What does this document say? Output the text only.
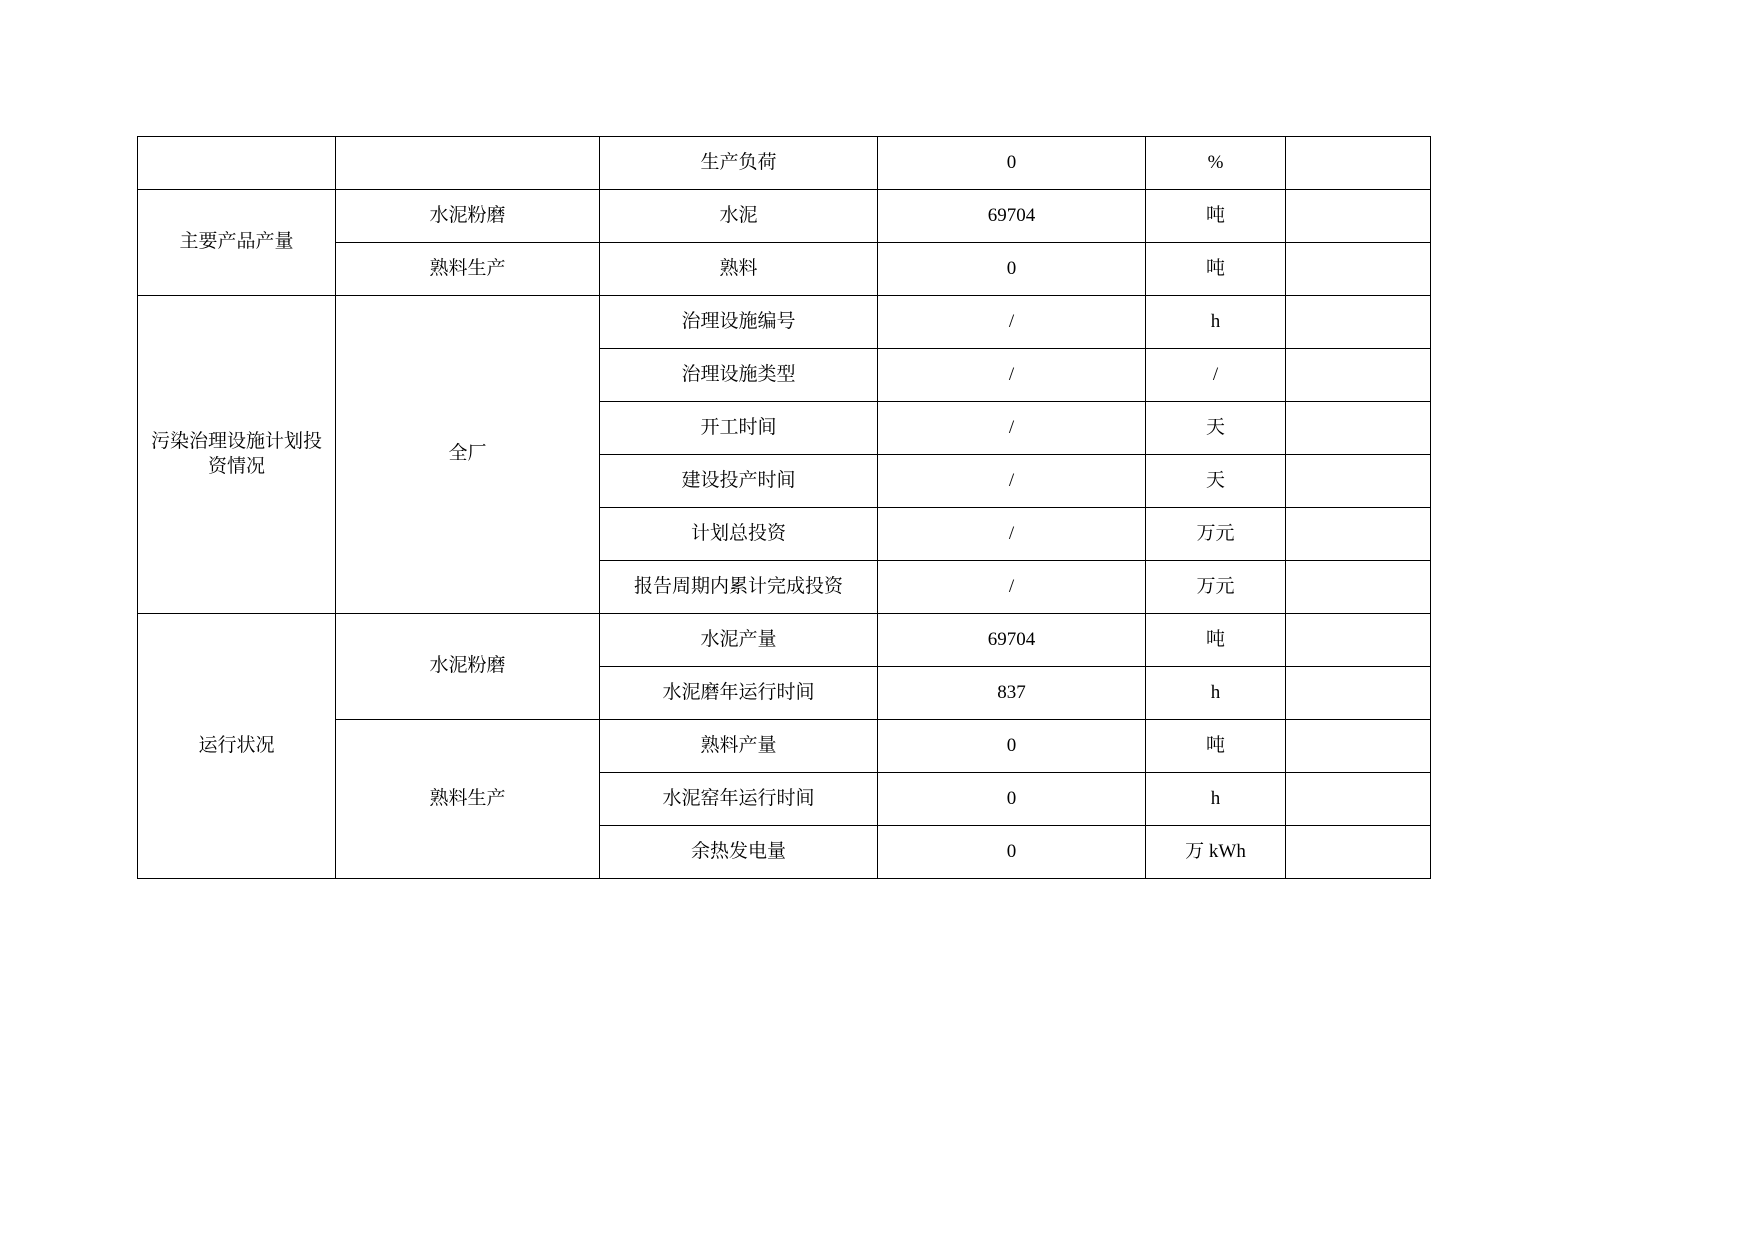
		生产负荷	0	%	
主要产品产量	水泥粉磨	水泥	69704	吨	
	熟料生产	熟料	0	吨	
污染治理设施计划投资情况	全厂	治理设施编号	/	h	
		治理设施类型	/	/	
		开工时间	/	天	
		建设投产时间	/	天	
		计划总投资	/	万元	
		报告周期内累计完成投资	/	万元	
运行状况	水泥粉磨	水泥产量	69704	吨	
		水泥磨年运行时间	837	h	
	熟料生产	熟料产量	0	吨	
		水泥窑年运行时间	0	h	
		余热发电量	0	万 kWh	
